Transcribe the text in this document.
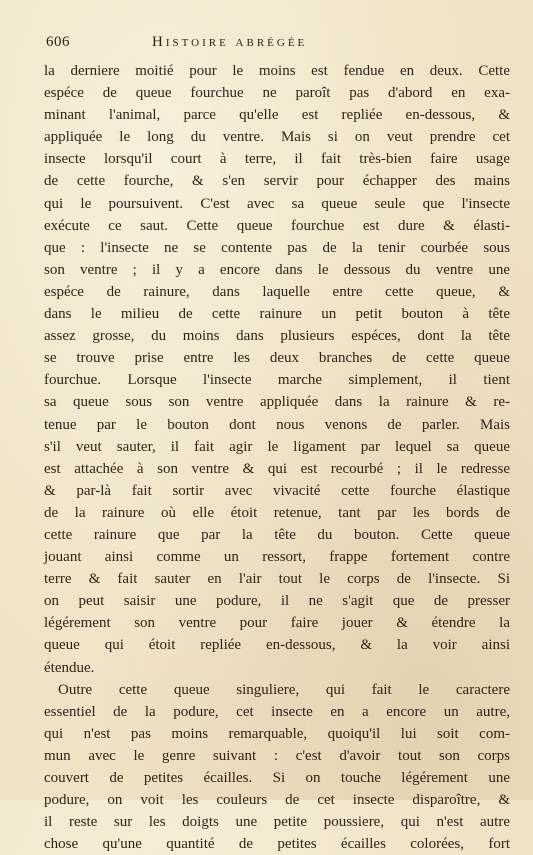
606	Histoire abrégée
la derniere moitié pour le moins est fendue en deux. Cette
espéce de queue fourchue ne paroît pas d'abord en exa-
minant l'animal, parce qu'elle est repliée en-dessous, &
appliquée le long du ventre. Mais si on veut prendre cet
insecte lorsqu'il court à terre, il fait très-bien faire usage
de cette fourche, & s'en servir pour échapper des mains
qui le poursuivent. C'est avec sa queue seule que l'insecte
exécute ce saut. Cette queue fourchue est dure & élasti-
que : l'insecte ne se contente pas de la tenir courbée sous
son ventre ; il y a encore dans le dessous du ventre une
espéce de rainure, dans laquelle entre cette queue, &
dans le milieu de cette rainure un petit bouton à tête
assez grosse, du moins dans plusieurs espéces, dont la tête
se trouve prise entre les deux branches de cette queue
fourchue. Lorsque l'insecte marche simplement, il tient
sa queue sous son ventre appliquée dans la rainure & re-
tenue par le bouton dont nous venons de parler. Mais
s'il veut sauter, il fait agir le ligament par lequel sa queue
est attachée à son ventre & qui est recourbé ; il le redresse
& par-là fait sortir avec vivacité cette fourche élastique
de la rainure où elle étoit retenue, tant par les bords de
cette rainure que par la tête du bouton. Cette queue
jouant ainsi comme un ressort, frappe fortement contre
terre & fait sauter en l'air tout le corps de l'insecte. Si
on peut saisir une podure, il ne s'agit que de presser
légérement son ventre pour faire jouer & étendre la
queue qui étoit repliée en-dessous, & la voir ainsi
étendue.
Outre cette queue singuliere, qui fait le caractere
essentiel de la podure, cet insecte en a encore un autre,
qui n'est pas moins remarquable, quoiqu'il lui soit com-
mun avec le genre suivant : c'est d'avoir tout son corps
couvert de petites écailles. Si on touche légérement une
podure, on voit les couleurs de cet insecte disparoître, &
il reste sur les doigts une petite poussiere, qui n'est autre
chose qu'une quantité de petites écailles colorées, fort
